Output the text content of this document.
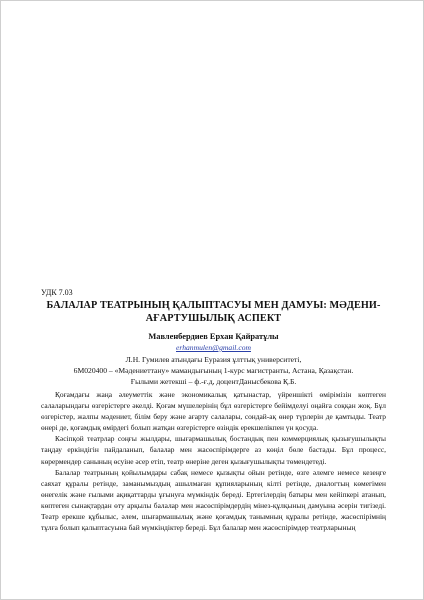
УДК 7.03
БАЛАЛАР ТЕАТРЫНЫҢ ҚАЛЫПТАСУЫ МЕН ДАМУЫ: МӘДЕНИ-
АҒАРТУШЫЛЫҚ АСПЕКТ
Мавленбердиев Ерхан Қайратұлы
erhanmulen@gmail.com
Л.Н. Гумилев атындағы Еуразия ұлттық университеті,
6M020400 – «Мәдениеттану» мамандығының 1-курс магистранты, Астана, Қазақстан.
Ғылыми жетекші – ф.-ғ.д, доцентДанысбекова Қ.Б.

Қоғамдағы жаңа әлеуметтік және экономикалық қатынастар, үйреншікті өмірімізін көптеген салаларындағы өзгерістерге әкелді. Қоғам мүшелерінің бұл өзгерістерге бейімделуі оңайға соққан жоқ. Бұл өзгерістер, жалпы мәдениет, білім беру және ағарту салалары, сондай-ақ өнер түрлерін де қамтыды. Театр өнері де, қоғамдық өмірдегі болып жатқан өзгерістерге өзіндік ерекшелікпен үн қосуда.

Кәсіпқой театрлар соңғы жылдары, шығармашылық бостандық пен коммерциялық қызығушылықты таңдау еркіндігін пайдаланып, балалар мен жасөспірімдерге аз көңіл бөле бастады. Бұл процесс, көрермендер санының өсуіне әсер етіп, театр өнеріне деген қызығушылықты төмендетеді.

Балалар театрының қойылымдары сабақ немесе қызықты ойын ретінде, өзге әлемге немесе кезеңге саяхат құралы ретінде, заманымыздың ашылмаған құпияларының кілті ретінде, диалогтың көмегімен өнегелік және ғылыми ақиқаттарды ұғынуға мүмкіндік береді. Ертегілердің батыры мен кейіпкері атанып, көптеген сынақтардан өту арқылы балалар мен жасөспірімдердің мінез-құлқының дамуына әсерін тигізеді. Театр ерекше құбылыс, әлем, шығармашылық және қоғамдық танымның құралы ретінде, жасөспірімнің тұлға болып қалыптасуына бай мүмкіндіктер береді. Бұл балалар мен жасөспірімдер театрларының
